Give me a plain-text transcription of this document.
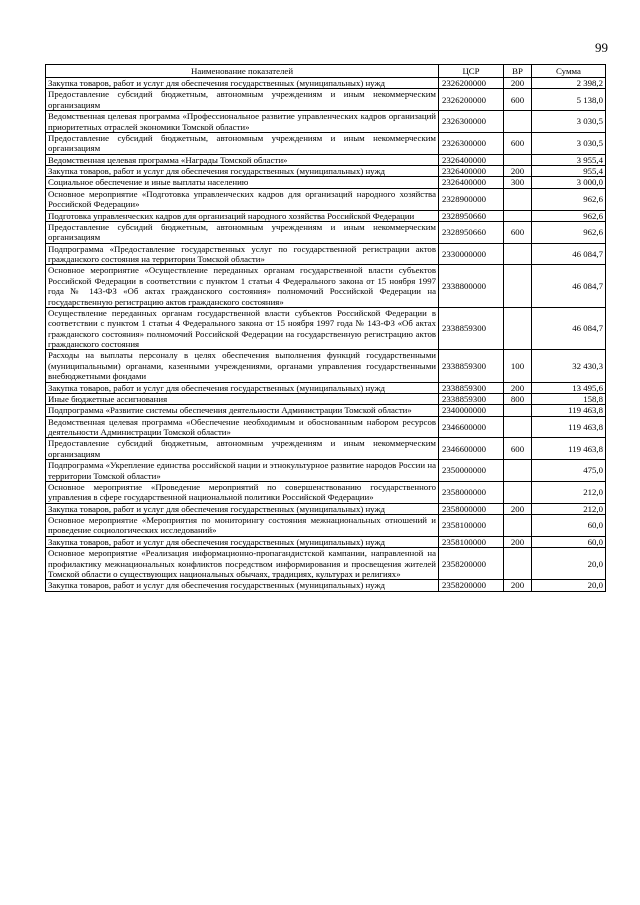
99
Наименование показателей	ЦСР	ВР	Сумма
Закупка товаров, работ и услуг для обеспечения государственных (муниципальных) нужд	2326200000	200	2 398,2
Предоставление субсидий бюджетным, автономным учреждениям и иным некоммерческим организациям	2326200000	600	5 138,0
Ведомственная целевая программа «Профессиональное развитие управленческих кадров организаций приоритетных отраслей экономики Томской области»	2326300000		3 030,5
Предоставление субсидий бюджетным, автономным учреждениям и иным некоммерческим организациям	2326300000	600	3 030,5
Ведомственная целевая программа «Награды Томской области»	2326400000		3 955,4
Закупка товаров, работ и услуг для обеспечения государственных (муниципальных) нужд	2326400000	200	955,4
Социальное обеспечение и иные выплаты населению	2326400000	300	3 000,0
Основное мероприятие «Подготовка управленческих кадров для организаций народного хозяйства Российской Федерации»	2328900000		962,6
Подготовка управленческих кадров для организаций народного хозяйства Российской Федерации	2328950660		962,6
Предоставление субсидий бюджетным, автономным учреждениям и иным некоммерческим организациям	2328950660	600	962,6
Подпрограмма «Предоставление государственных услуг по государственной регистрации актов гражданского состояния на территории Томской области»	2330000000		46 084,7
Основное мероприятие «Осуществление переданных органам государственной власти субъектов Российской Федерации в соответствии с пунктом 1 статьи 4 Федерального закона от 15 ноября 1997 года № 143-ФЗ «Об актах гражданского состояния» полномочий Российской Федерации на государственную регистрацию актов гражданского состояния»	2338800000		46 084,7
Осуществление переданных органам государственной власти субъектов Российской Федерации в соответствии с пунктом 1 статьи 4 Федерального закона от 15 ноября 1997 года № 143-ФЗ «Об актах гражданского состояния» полномочий Российской Федерации на государственную регистрацию актов гражданского состояния	2338859300		46 084,7
Расходы на выплаты персоналу в целях обеспечения выполнения функций государственными (муниципальными) органами, казенными учреждениями, органами управления государственными внебюджетными фондами	2338859300	100	32 430,3
Закупка товаров, работ и услуг для обеспечения государственных (муниципальных) нужд	2338859300	200	13 495,6
Иные бюджетные ассигнования	2338859300	800	158,8
Подпрограмма «Развитие системы обеспечения деятельности Администрации Томской области»	2340000000		119 463,8
Ведомственная целевая программа «Обеспечение необходимым и обоснованным набором ресурсов деятельности Администрации Томской области»	2346600000		119 463,8
Предоставление субсидий бюджетным, автономным учреждениям и иным некоммерческим организациям	2346600000	600	119 463,8
Подпрограмма «Укрепление единства российской нации и этнокультурное развитие народов России на территории Томской области»	2350000000		475,0
Основное мероприятие «Проведение мероприятий по совершенствованию государственного управления в сфере государственной национальной политики Российской Федерации»	2358000000		212,0
Закупка товаров, работ и услуг для обеспечения государственных (муниципальных) нужд	2358000000	200	212,0
Основное мероприятие «Мероприятия по мониторингу состояния межнациональных отношений и проведение социологических исследований»	2358100000		60,0
Закупка товаров, работ и услуг для обеспечения государственных (муниципальных) нужд	2358100000	200	60,0
Основное мероприятие «Реализация информационно-пропагандистской кампании, направленной на профилактику межнациональных конфликтов посредством информирования и просвещения жителей Томской области о существующих национальных обычаях, традициях, культурах и религиях»	2358200000		20,0
Закупка товаров, работ и услуг для обеспечения государственных (муниципальных) нужд	2358200000	200	20,0
